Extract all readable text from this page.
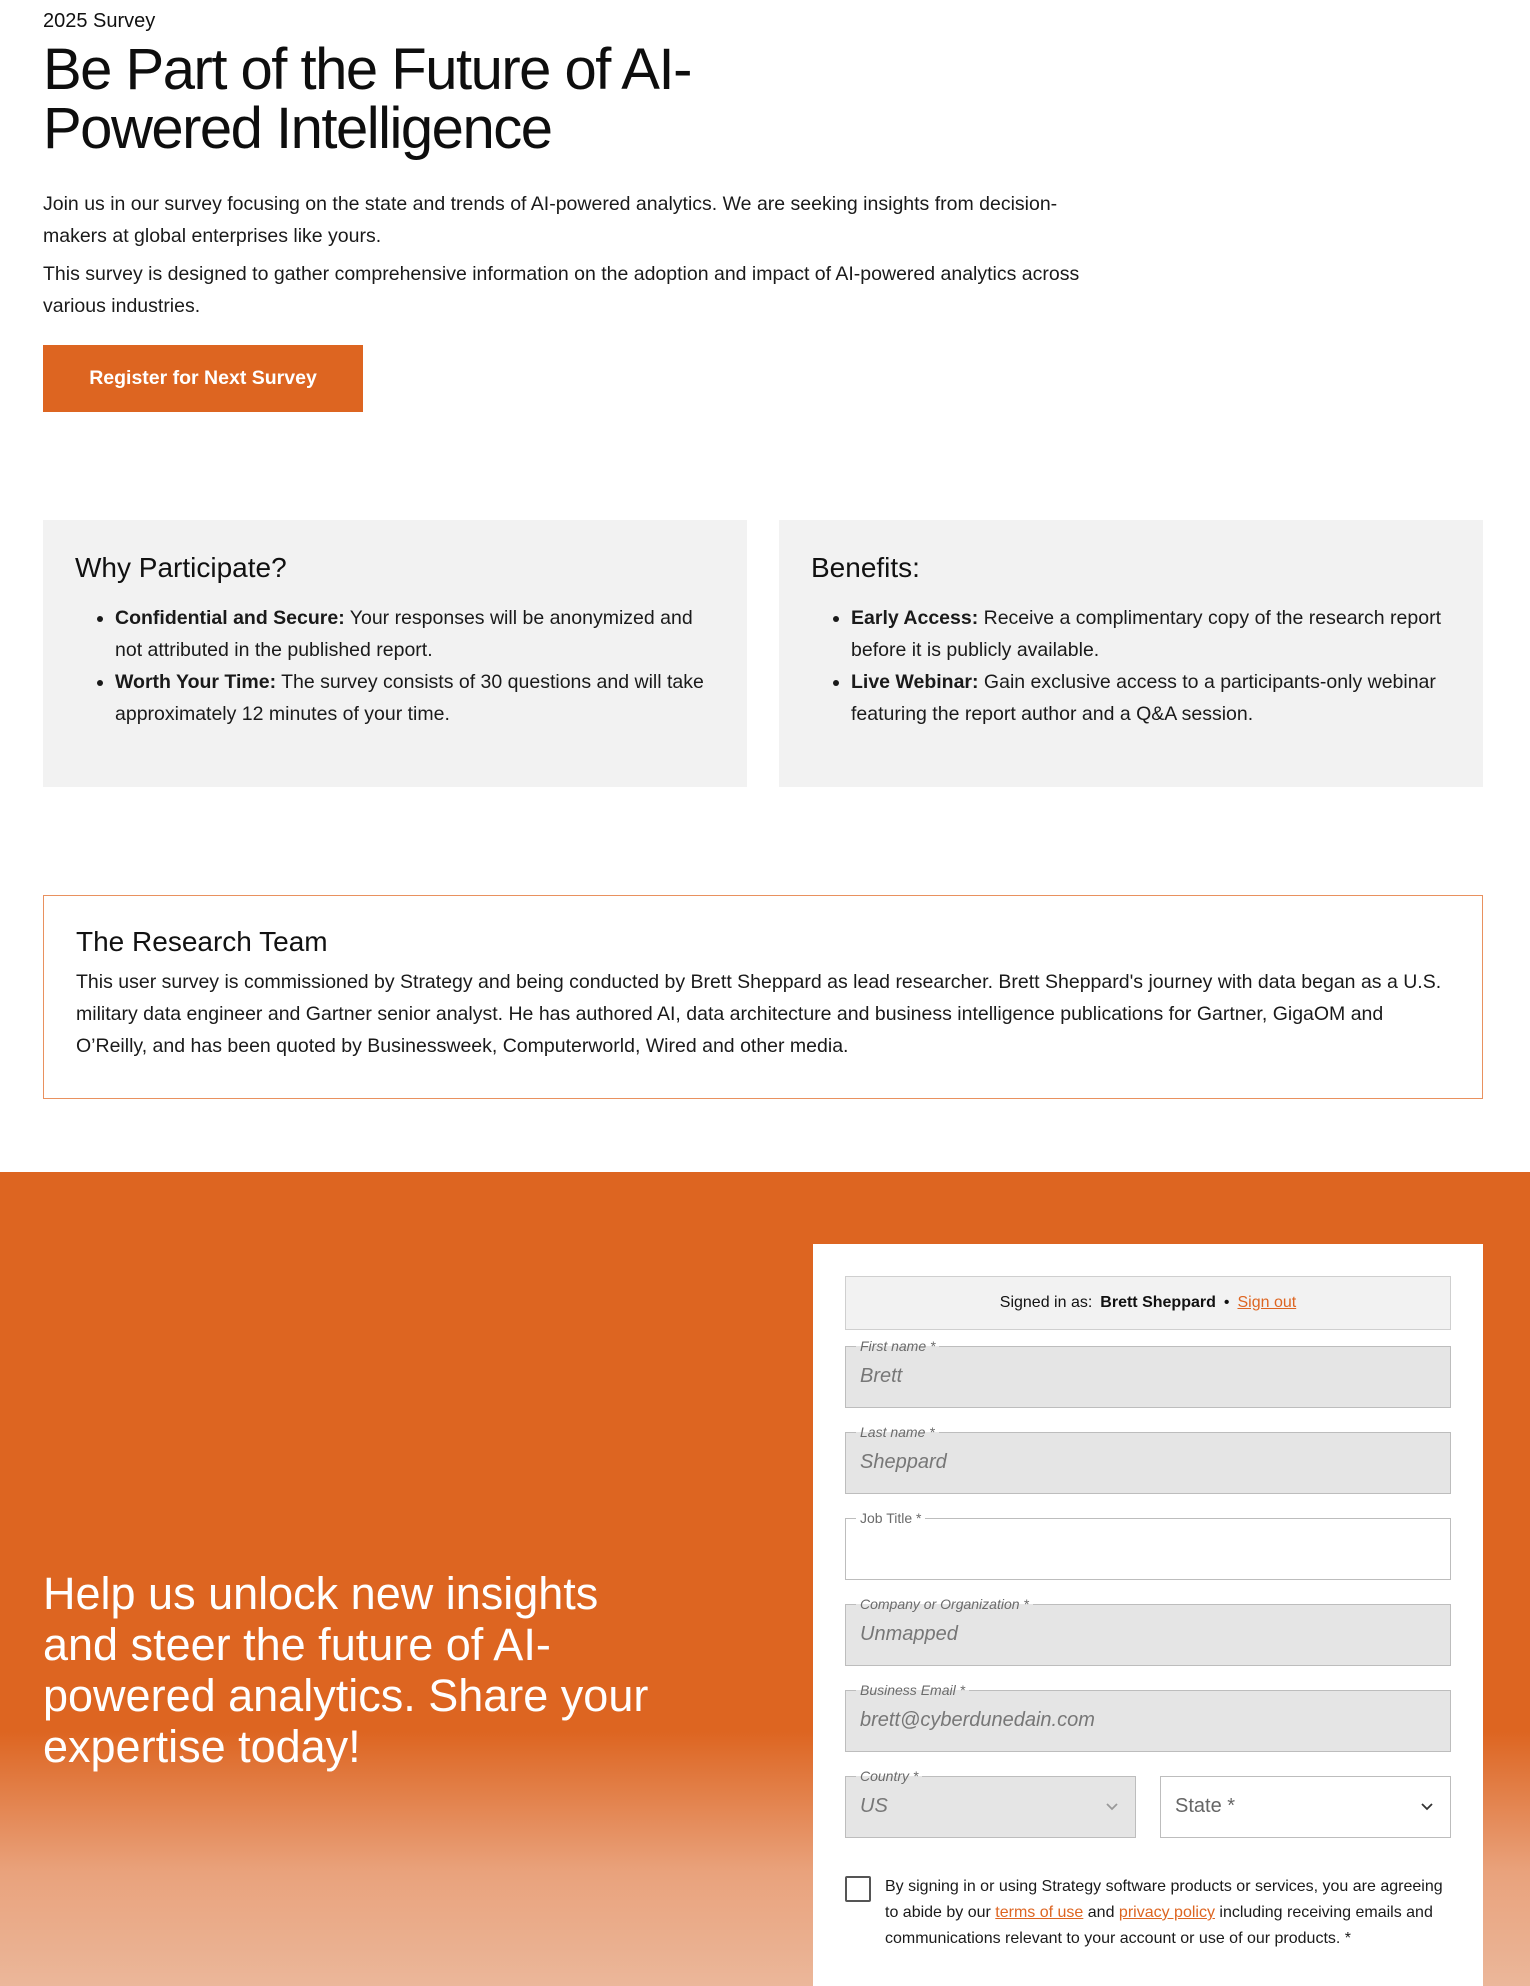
2025 Survey
Be Part of the Future of AI-Powered Intelligence

Join us in our survey focusing on the state and trends of AI-powered analytics. We are seeking insights from decision-makers at global enterprises like yours.

This survey is designed to gather comprehensive information on the adoption and impact of AI-powered analytics across various industries.

Register for Next Survey
Why Participate?
• Confidential and Secure: Your responses will be anonymized and not attributed in the published report.
• Worth Your Time: The survey consists of 30 questions and will take approximately 12 minutes of your time.
Benefits:
• Early Access: Receive a complimentary copy of the research report before it is publicly available.
• Live Webinar: Gain exclusive access to a participants-only webinar featuring the report author and a Q&A session.
The Research Team

This user survey is commissioned by Strategy and being conducted by Brett Sheppard as lead researcher. Brett Sheppard's journey with data began as a U.S. military data engineer and Gartner senior analyst. He has authored AI, data architecture and business intelligence publications for Gartner, GigaOM and O’Reilly, and has been quoted by Businessweek, Computerworld, Wired and other media.

Help us unlock new insights and steer the future of AI-powered analytics. Share your expertise today!
Signed in as: Brett Sheppard • Sign out
First name *
Brett
Last name *
Sheppard
Job Title *
Company or Organization *
Unmapped
Business Email *
brett@cyberdunedain.com
Country *
US	State *

By signing in or using Strategy software products or services, you are agreeing to abide by our terms of use and privacy policy including receiving emails and communications relevant to your account or use of our products. *
